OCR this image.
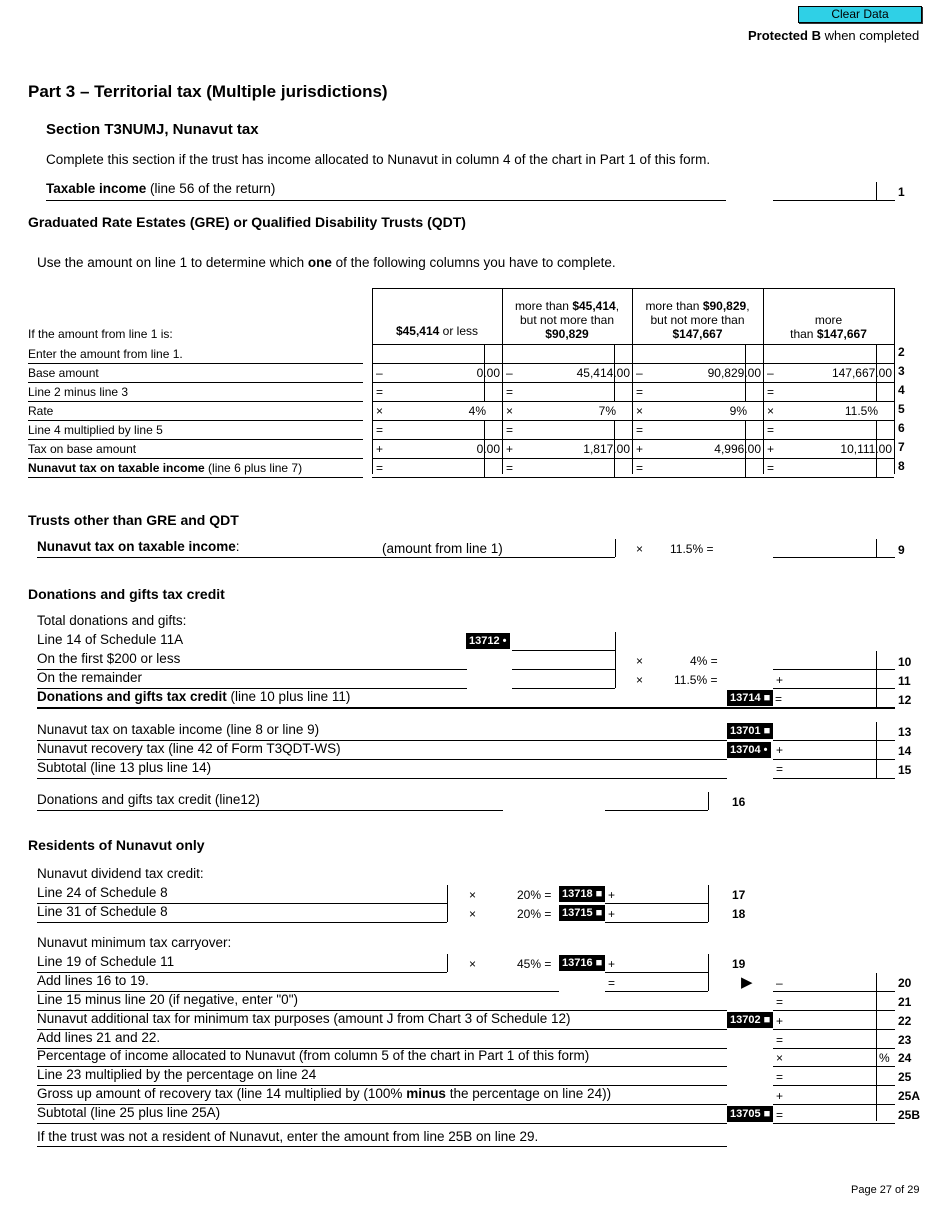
Clear Data
Protected B when completed
Part 3 – Territorial tax (Multiple jurisdictions)
Section T3NUMJ, Nunavut tax
Complete this section if the trust has income allocated to Nunavut in column 4 of the chart in Part 1 of this form.
Taxable income (line 56 of the return)	1
Graduated Rate Estates (GRE) or Qualified Disability Trusts (QDT)
Use the amount on line 1 to determine which one of the following columns you have to complete.
If the amount from line 1 is:	$45,414 or less
more than $45,414,
but not more than
$90,829
more than $90,829,
but not more than
$147,667
more
than $147,667
Enter the amount from line 1.	2
Base amount	–	0.00 –	45,414.00 –	90,829.00 –	147,667.00 3
Line 2 minus line 3	=	=	=	=	4
Rate	×	4% ×	7% ×	9% ×	11.5% 5
Line 4 multiplied by line 5	=	=	=	=	6
Tax on base amount	+	0.00 +	1,817.00 +	4,996.00 +	10,111.00 7
Nunavut tax on taxable income (line 6 plus line 7)	=	=	=	=	8
Trusts other than GRE and QDT
Nunavut tax on taxable income:	(amount from line 1)	× 11.5% =	9
Donations and gifts tax credit
Total donations and gifts:
Line 14 of Schedule 11A	13712 •
On the first $200 or less	×	4% =	10
On the remainder	×	11.5% =	+	11
Donations and gifts tax credit (line 10 plus line 11)	13714 ■ =	12
Nunavut tax on taxable income (line 8 or line 9)	13701 ■	13
Nunavut recovery tax (line 42 of Form T3QDT-WS)	13704 • +	14
Subtotal (line 13 plus line 14)	=	15
Donations and gifts tax credit (line12)	16
Residents of Nunavut only
Nunavut dividend tax credit:
Line 24 of Schedule 8	×	20% = 13718 ■ +	17
Line 31 of Schedule 8	×	20% = 13715 ■ +	18
Nunavut minimum tax carryover:
Line 19 of Schedule 11	×	45% = 13716 ■ +	19
Add lines 16 to 19.	=	▶ –	20
Line 15 minus line 20 (if negative, enter "0")	=	21
Nunavut additional tax for minimum tax purposes (amount J from Chart 3 of Schedule 12)	13702 ■ +	22
Add lines 21 and 22.	=	23
Percentage of income allocated to Nunavut (from column 5 of the chart in Part 1 of this form)	×	% 24
Line 23 multiplied by the percentage on line 24	=	25
Gross up amount of recovery tax (line 14 multiplied by (100% minus the percentage on line 24))	+	25A
Subtotal (line 25 plus line 25A)	13705 ■ =	25B
If the trust was not a resident of Nunavut, enter the amount from line 25B on line 29.
Page 27 of 29
